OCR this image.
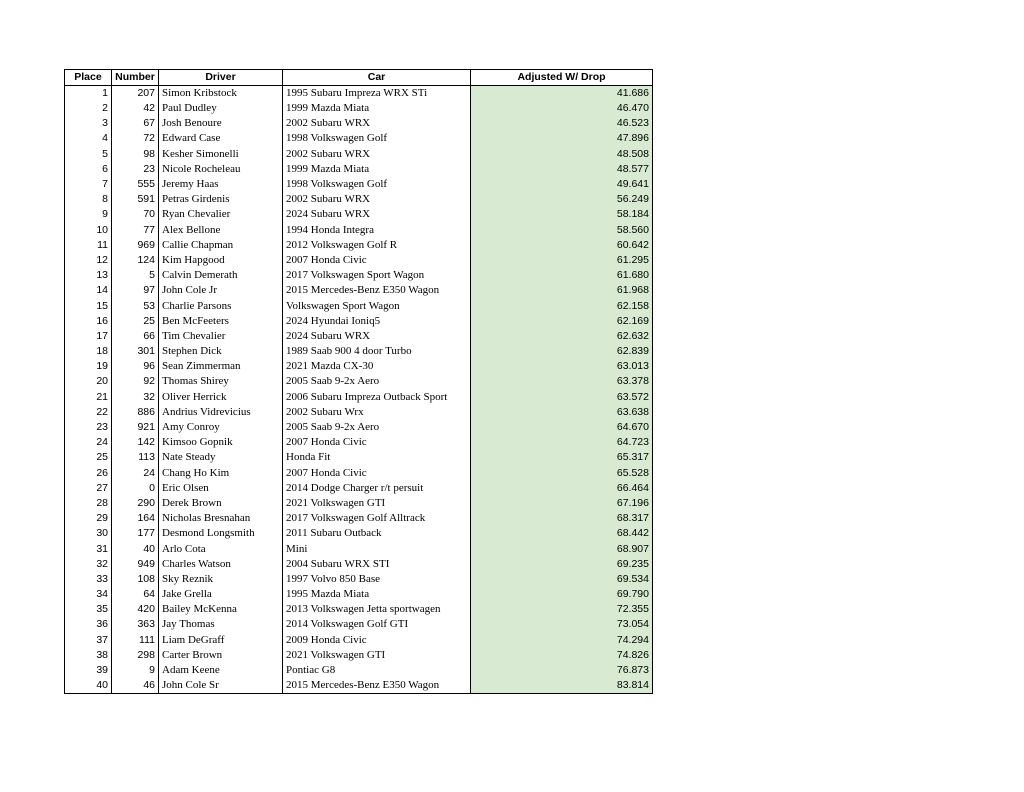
Place	Number	Driver	Car	Adjusted W/ Drop
1	207	Simon Kribstock	1995 Subaru Impreza WRX STi	41.686
2	42	Paul Dudley	1999 Mazda Miata	46.470
3	67	Josh Benoure	2002 Subaru WRX	46.523
4	72	Edward Case	1998 Volkswagen Golf	47.896
5	98	Kesher Simonelli	2002 Subaru WRX	48.508
6	23	Nicole Rocheleau	1999 Mazda Miata	48.577
7	555	Jeremy Haas	1998 Volkswagen Golf	49.641
8	591	Petras Girdenis	2002 Subaru WRX	56.249
9	70	Ryan Chevalier	2024 Subaru WRX	58.184
10	77	Alex Bellone	1994 Honda Integra	58.560
11	969	Callie Chapman	2012 Volkswagen Golf R	60.642
12	124	Kim Hapgood	2007 Honda Civic	61.295
13	5	Calvin Demerath	2017 Volkswagen Sport Wagon	61.680
14	97	John Cole Jr	2015 Mercedes-Benz E350 Wagon	61.968
15	53	Charlie Parsons	Volkswagen Sport Wagon	62.158
16	25	Ben McFeeters	2024 Hyundai Ioniq5	62.169
17	66	Tim Chevalier	2024 Subaru WRX	62.632
18	301	Stephen Dick	1989 Saab 900 4 door Turbo	62.839
19	96	Sean Zimmerman	2021 Mazda CX-30	63.013
20	92	Thomas Shirey	2005 Saab 9-2x Aero	63.378
21	32	Oliver Herrick	2006 Subaru Impreza Outback Sport	63.572
22	886	Andrius Vidrevicius	2002 Subaru Wrx	63.638
23	921	Amy Conroy	2005 Saab 9-2x Aero	64.670
24	142	Kimsoo Gopnik	2007 Honda Civic	64.723
25	113	Nate Steady	Honda Fit	65.317
26	24	Chang Ho Kim	2007 Honda Civic	65.528
27	0	Eric Olsen	2014 Dodge Charger r/t persuit	66.464
28	290	Derek Brown	2021 Volkswagen GTI	67.196
29	164	Nicholas Bresnahan	2017 Volkswagen Golf Alltrack	68.317
30	177	Desmond Longsmith	2011 Subaru Outback	68.442
31	40	Arlo Cota	Mini	68.907
32	949	Charles Watson	2004 Subaru WRX STI	69.235
33	108	Sky Reznik	1997 Volvo 850 Base	69.534
34	64	Jake Grella	1995 Mazda Miata	69.790
35	420	Bailey McKenna	2013 Volkswagen Jetta sportwagen	72.355
36	363	Jay Thomas	2014 Volkswagen Golf GTI	73.054
37	111	Liam DeGraff	2009 Honda Civic	74.294
38	298	Carter Brown	2021 Volkswagen GTI	74.826
39	9	Adam Keene	Pontiac G8	76.873
40	46	John Cole Sr	2015 Mercedes-Benz E350 Wagon	83.814
